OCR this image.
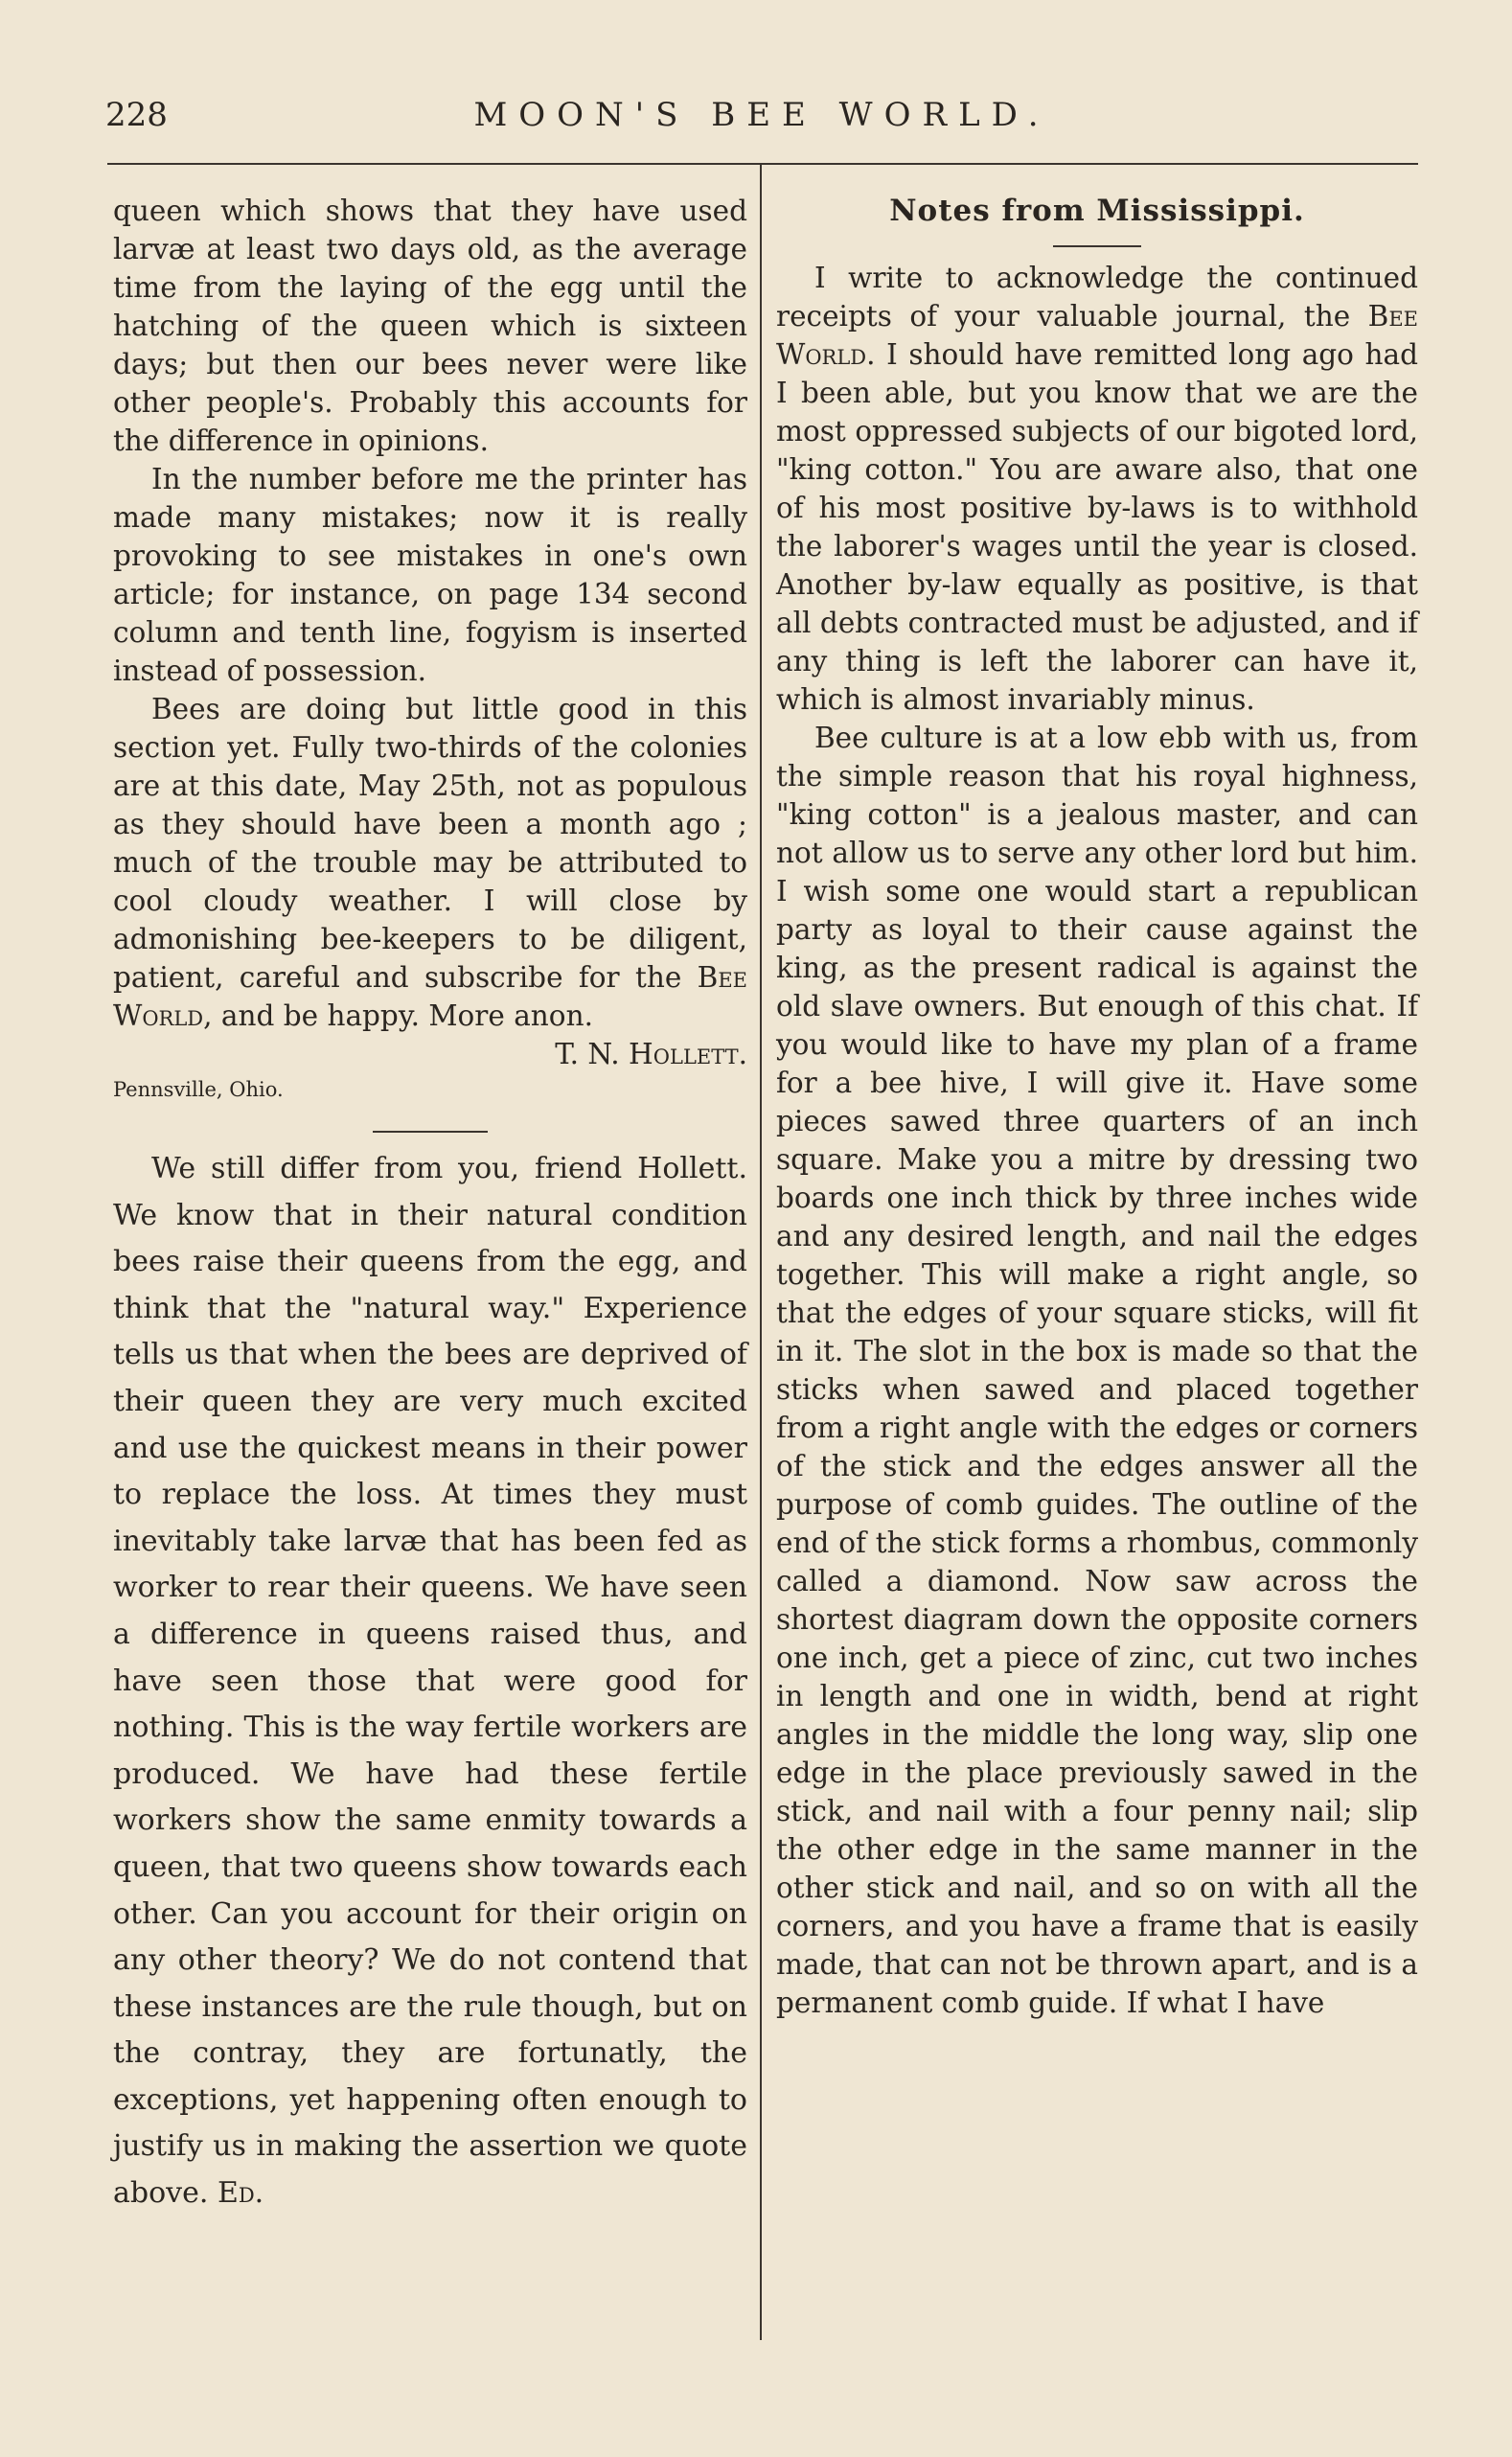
228	MOON'S BEE WORLD.

queen which shows that they have used larvæ at least two days old, as the average time from the laying of the egg until the hatching of the queen which is sixteen days; but then our bees never were like other people's. Probably this accounts for the difference in opinions.

In the number before me the printer has made many mistakes; now it is really provoking to see mistakes in one's own article; for instance, on page 134 second column and tenth line, fogyism is inserted instead of possession.

Bees are doing but little good in this section yet. Fully two-thirds of the colonies are at this date, May 25th, not as populous as they should have been a month ago ; much of the trouble may be attributed to cool cloudy weather. I will close by admonishing bee-keepers to be diligent, patient, careful and subscribe for the Bee World, and be happy. More anon.

T. N. Hollett.

Pennsville, Ohio.

We still differ from you, friend Hollett. We know that in their natural condition bees raise their queens from the egg, and think that the "natural way." Experience tells us that when the bees are deprived of their queen they are very much excited and use the quickest means in their power to replace the loss. At times they must inevitably take larvæ that has been fed as worker to rear their queens. We have seen a difference in queens raised thus, and have seen those that were good for nothing. This is the way fertile workers are produced. We have had these fertile workers show the same enmity towards a queen, that two queens show towards each other. Can you account for their origin on any other theory? We do not contend that these instances are the rule though, but on the contray, they are fortunatly, the exceptions, yet happening often enough to justify us in making the assertion we quote above. Ed.

Notes from Mississippi.

I write to acknowledge the continued receipts of your valuable journal, the Bee World. I should have remitted long ago had I been able, but you know that we are the most oppressed subjects of our bigoted lord, "king cotton." You are aware also, that one of his most positive by-laws is to withhold the laborer's wages until the year is closed. Another by-law equally as positive, is that all debts contracted must be adjusted, and if any thing is left the laborer can have it, which is almost invariably minus.

Bee culture is at a low ebb with us, from the simple reason that his royal highness, "king cotton" is a jealous master, and can not allow us to serve any other lord but him. I wish some one would start a republican party as loyal to their cause against the king, as the present radical is against the old slave owners. But enough of this chat. If you would like to have my plan of a frame for a bee hive, I will give it. Have some pieces sawed three quarters of an inch square. Make you a mitre by dressing two boards one inch thick by three inches wide and any desired length, and nail the edges together. This will make a right angle, so that the edges of your square sticks, will fit in it. The slot in the box is made so that the sticks when sawed and placed together from a right angle with the edges or corners of the stick and the edges answer all the purpose of comb guides. The outline of the end of the stick forms a rhombus, commonly called a diamond. Now saw across the shortest diagram down the opposite corners one inch, get a piece of zinc, cut two inches in length and one in width, bend at right angles in the middle the long way, slip one edge in the place previously sawed in the stick, and nail with a four penny nail; slip the other edge in the same manner in the other stick and nail, and so on with all the corners, and you have a frame that is easily made, that can not be thrown apart, and is a permanent comb guide. If what I have
